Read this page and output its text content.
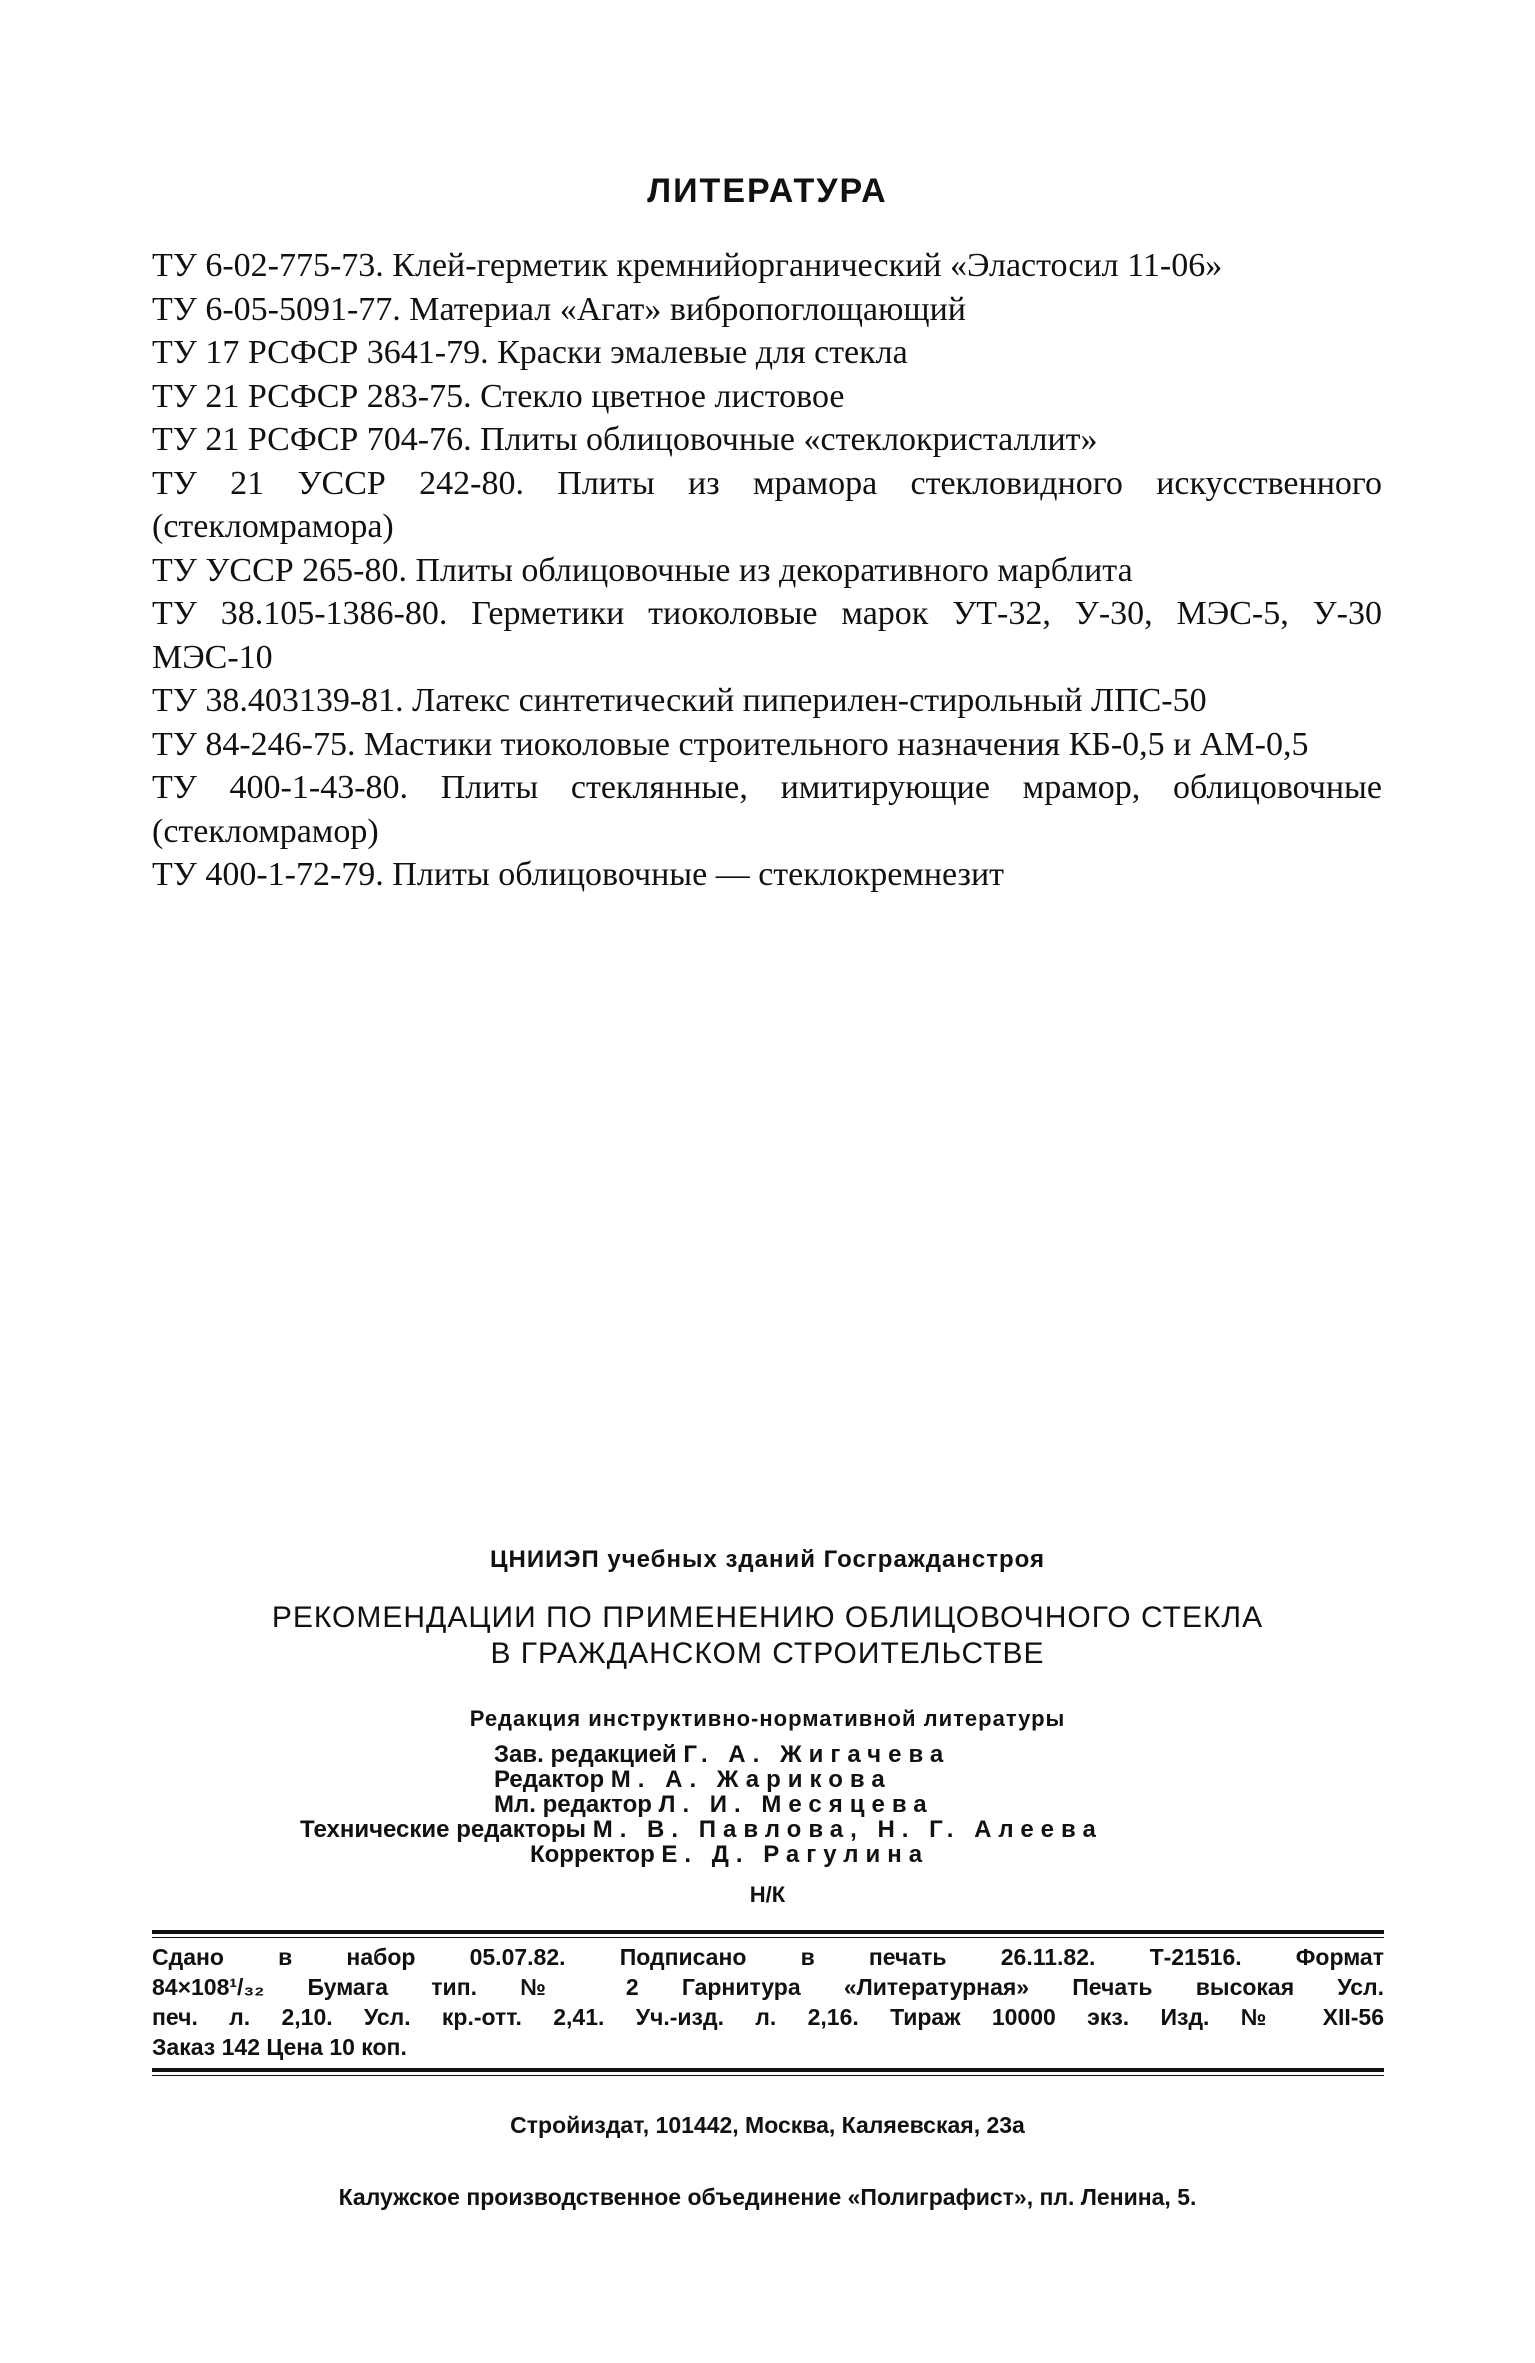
ЛИТЕРАТУРА
ТУ 6-02-775-73. Клей-герметик кремнийорганический «Эластосил 11-06»
ТУ 6-05-5091-77. Материал «Агат» вибропоглощающий
ТУ 17 РСФСР 3641-79. Краски эмалевые для стекла
ТУ 21 РСФСР 283-75. Стекло цветное листовое
ТУ 21 РСФСР 704-76. Плиты облицовочные «стеклокристаллит»
ТУ 21 УССР 242-80. Плиты из мрамора стекловидного искусственного (стекломрамора)
ТУ УССР 265-80. Плиты облицовочные из декоративного марблита
ТУ 38.105-1386-80. Герметики тиоколовые марок УТ-32, У-30, МЭС-5, У-30 МЭС-10
ТУ 38.403139-81. Латекс синтетический пиперилен-стирольный ЛПС-50
ТУ 84-246-75. Мастики тиоколовые строительного назначения КБ-0,5 и АМ-0,5
ТУ 400-1-43-80. Плиты стеклянные, имитирующие мрамор, облицовочные (стекломрамор)
ТУ 400-1-72-79. Плиты облицовочные — стеклокремнезит
ЦНИИЭП учебных зданий Госгражданстроя
РЕКОМЕНДАЦИИ ПО ПРИМЕНЕНИЮ ОБЛИЦОВОЧНОГО СТЕКЛА
В ГРАЖДАНСКОМ СТРОИТЕЛЬСТВЕ
Редакция инструктивно-нормативной литературы
Зав. редакцией Г. А. Жигачева
Редактор М. А. Жарикова
Мл. редактор Л. И. Месяцева
Технические редакторы М. В. Павлова, Н. Г. Алеева
Корректор Е. Д. Рагулина
Н/К
Сдано в набор 05.07.82. Подписано в печать 26.11.82. Т-21516. Формат
84×108¹/₃₂ Бумага тип. № 2 Гарнитура «Литературная» Печать высокая Усл.
печ. л. 2,10. Усл. кр.-отт. 2,41. Уч.-изд. л. 2,16. Тираж 10000 экз. Изд. № XII-56
Заказ 142 Цена 10 коп.
Стройиздат, 101442, Москва, Каляевская, 23а
Калужское производственное объединение «Полиграфист», пл. Ленина, 5.
